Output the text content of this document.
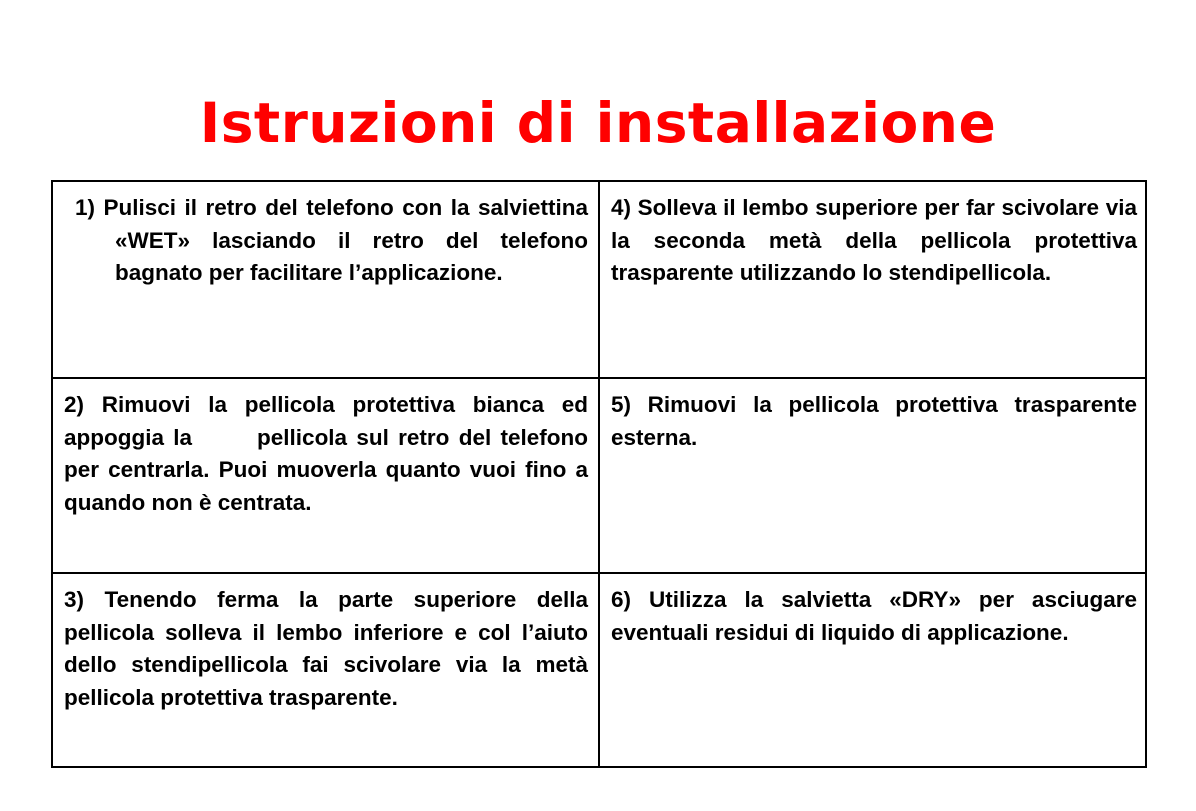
Istruzioni di installazione
1) Pulisci il retro del telefono con la salviettina «WET» lasciando il retro del telefono bagnato per facilitare l’applicazione.
4) Solleva il lembo superiore per far scivolare via la seconda metà della pellicola protettiva trasparente utilizzando lo stendipellicola.
2) Rimuovi la pellicola protettiva bianca ed appoggia la       pellicola sul retro del telefono per centrarla. Puoi muoverla quanto vuoi fino a quando non è centrata.
5) Rimuovi la pellicola protettiva trasparente esterna.
3) Tenendo ferma la parte superiore della pellicola solleva il lembo inferiore e col l’aiuto dello stendipellicola fai scivolare via la metà pellicola protettiva trasparente.
6) Utilizza la salvietta «DRY» per asciugare eventuali residui di liquido di applicazione.
